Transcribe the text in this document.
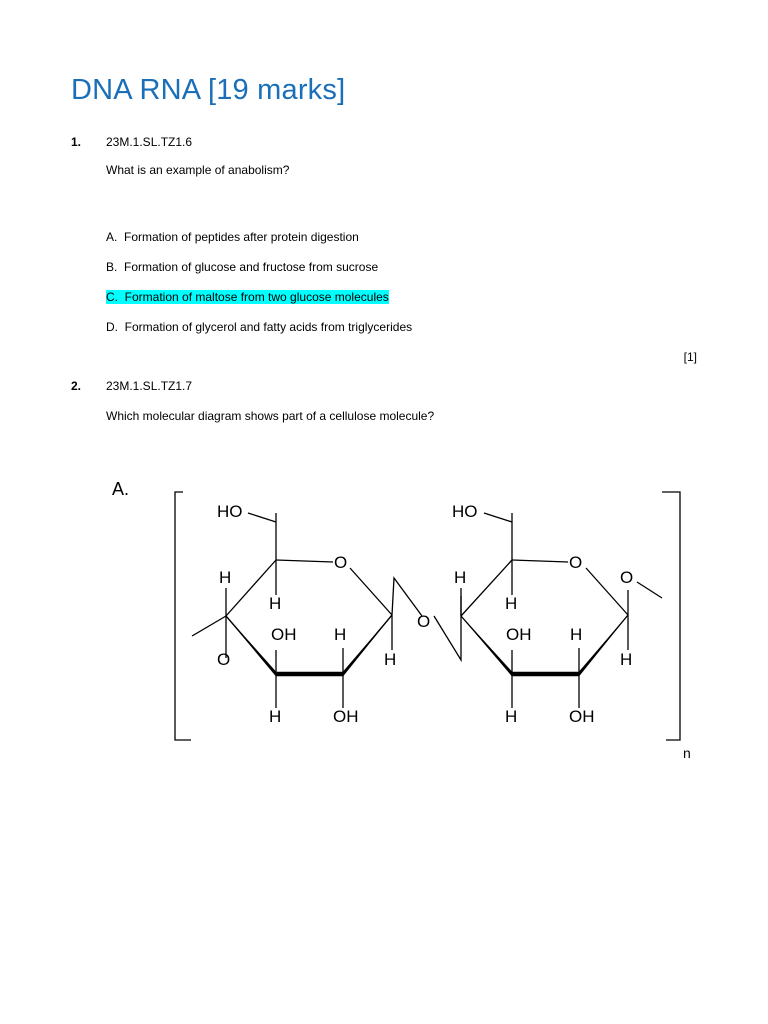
DNA RNA [19 marks]
1. 23M.1.SL.TZ1.6
What is an example of anabolism?
A. Formation of peptides after protein digestion
B. Formation of glucose and fructose from sucrose
C. Formation of maltose from two glucose molecules
D. Formation of glycerol and fatty acids from triglycerides
[1]
2. 23M.1.SL.TZ1.7
Which molecular diagram shows part of a cellulose molecule?
A.
n
HO
O
H
H
O
OH H
H
H	OH
O
HO
O
H
H
OH H
O
H
H	OH
